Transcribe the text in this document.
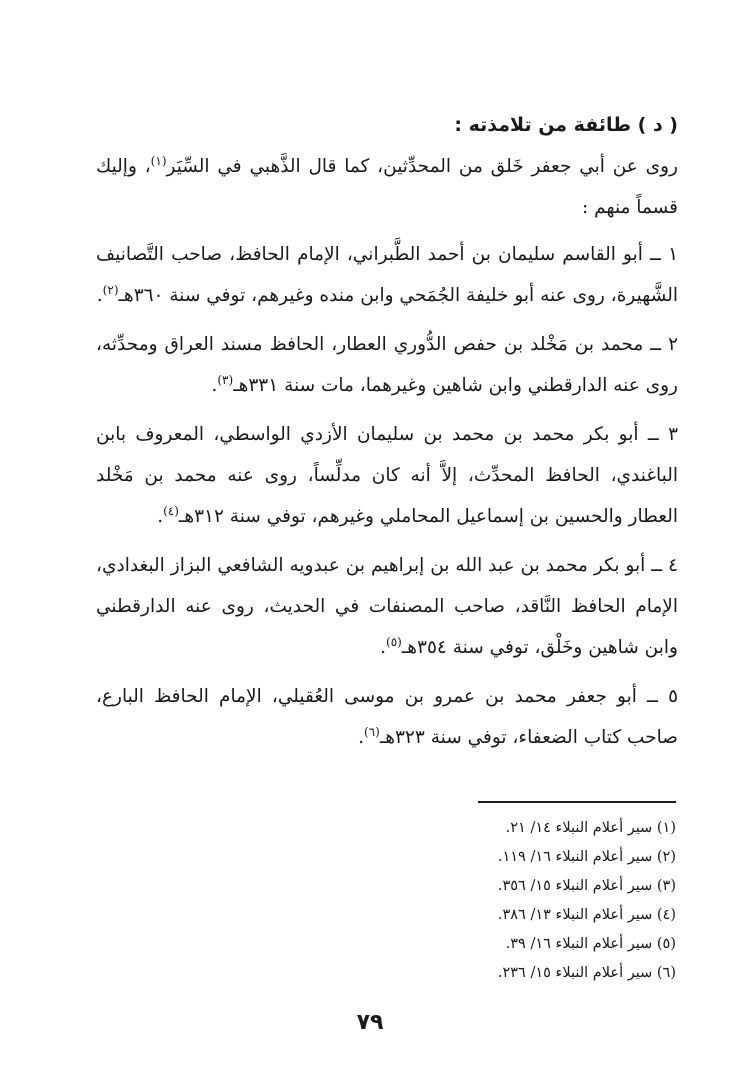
( د ) طائفة من تلامذته :

روى عن أبي جعفر خَلق من المحدِّثين، كما قال الذَّهبي في السِّيَر$^{(١)}$، وإليك قسماً منهم :

١ ــ أبو القاسم سليمان بن أحمد الطَّبراني، الإمام الحافظ، صاحب التَّصانيف الشَّهيرة، روى عنه أبو خليفة الجُمَحي وابن منده وغيرهم، توفي سنة ٣٦٠هـ$^{(٢)}$.

٢ ــ محمد بن مَخْلد بن حفص الدُّوري العطار، الحافظ مسند العراق ومحدِّثه، روى عنه الدارقطني وابن شاهين وغيرهما، مات سنة ٣٣١هـ$^{(٣)}$.

٣ ــ أبو بكر محمد بن محمد بن سليمان الأزدي الواسطي، المعروف بابن الباغندي، الحافظ المحدِّث، إلاَّ أنه كان مدلِّساً، روى عنه محمد بن مَخْلد العطار والحسين بن إسماعيل المحاملي وغيرهم، توفي سنة ٣١٢هـ$^{(٤)}$.

٤ ــ أبو بكر محمد بن عبد الله بن إبراهيم بن عبدويه الشافعي البزاز البغدادي، الإمام الحافظ النَّاقد، صاحب المصنفات في الحديث، روى عنه الدارقطني وابن شاهين وخَلْق، توفي سنة ٣٥٤هـ$^{(٥)}$.

٥ ــ أبو جعفر محمد بن عمرو بن موسى العُقيلي، الإمام الحافظ البارع، صاحب كتاب الضعفاء، توفي سنة ٣٢٣هـ$^{(٦)}$.

(١) سير أعلام النبلاء ١٤/ ٢١.

(٢) سير أعلام النبلاء ١٦/ ١١٩.

(٣) سير أعلام النبلاء ١٥/ ٣٥٦.

(٤) سير أعلام النبلاء ١٣/ ٣٨٦.

(٥) سير أعلام النبلاء ١٦/ ٣٩.

(٦) سير أعلام النبلاء ١٥/ ٢٣٦.

٧٩
